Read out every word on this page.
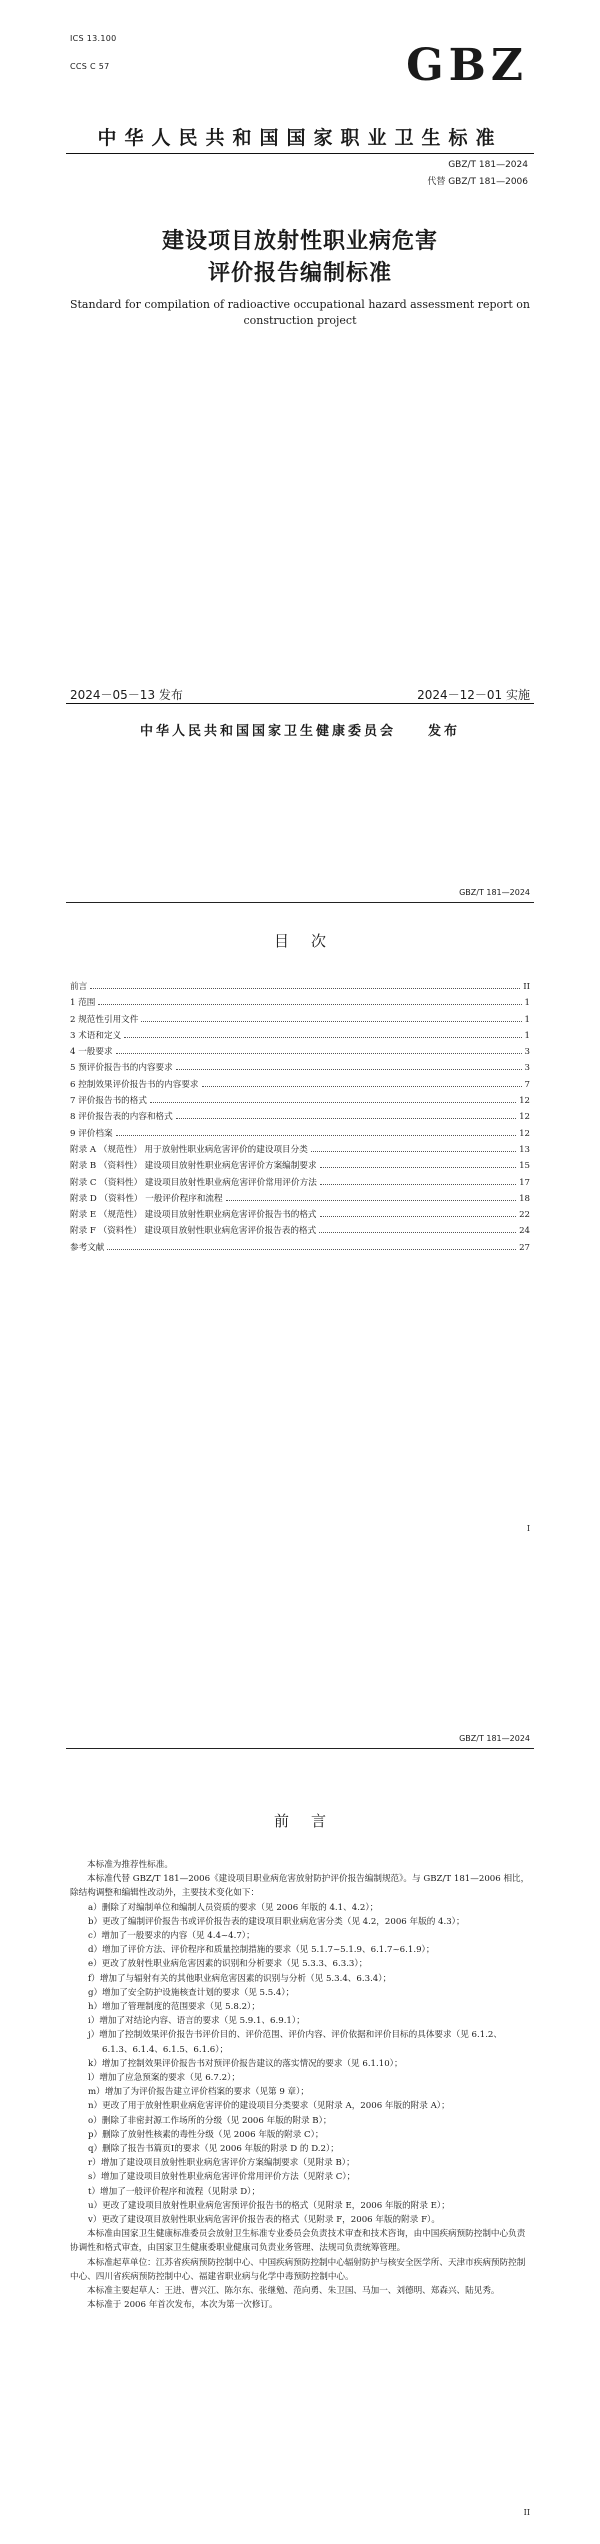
ICS 13.100
CCS C 57	GBZ
中华人民共和国国家职业卫生标准
GBZ/T 181—2024
代替 GBZ/T 181—2006
建设项目放射性职业病危害
评价报告编制标准
Standard for compilation of radioactive occupational hazard assessment report on construction project
2024－05－13 发布	2024－12－01 实施
中华人民共和国国家卫生健康委员会　　发布
GBZ/T 181—2024
目次
前言	II
1 范围	1
2 规范性引用文件	1
3 术语和定义	1
4 一般要求	3
5 预评价报告书的内容要求	3
6 控制效果评价报告书的内容要求	7
7 评价报告书的格式	12
8 评价报告表的内容和格式	12
9 评价档案	12
附录 A （规范性） 用于放射性职业病危害评价的建设项目分类	13
附录 B （资料性） 建设项目放射性职业病危害评价方案编制要求	15
附录 C （资料性） 建设项目放射性职业病危害评价常用评价方法	17
附录 D （资料性） 一般评价程序和流程	18
附录 E （规范性） 建设项目放射性职业病危害评价报告书的格式	22
附录 F （资料性） 建设项目放射性职业病危害评价报告表的格式	24
参考文献	27
I
GBZ/T 181—2024
前言

本标准为推荐性标准。

本标准代替 GBZ/T 181—2006《建设项目职业病危害放射防护评价报告编制规范》。与 GBZ/T 181—2006 相比，除结构调整和编辑性改动外，主要技术变化如下：

a）删除了对编制单位和编制人员资质的要求（见 2006 年版的 4.1、4.2）；

b）更改了编制评价报告书或评价报告表的建设项目职业病危害分类（见 4.2，2006 年版的 4.3）；

c）增加了一般要求的内容（见 4.4~4.7）；

d）增加了评价方法、评价程序和质量控制措施的要求（见 5.1.7~5.1.9、6.1.7~6.1.9）；

e）更改了放射性职业病危害因素的识别和分析要求（见 5.3.3、6.3.3）；

f）增加了与辐射有关的其他职业病危害因素的识别与分析（见 5.3.4、6.3.4）；

g）增加了安全防护设施核查计划的要求（见 5.5.4）；

h）增加了管理制度的范围要求（见 5.8.2）；

i）增加了对结论内容、语言的要求（见 5.9.1、6.9.1）；

j）增加了控制效果评价报告书评价目的、评价范围、评价内容、评价依据和评价目标的具体要求（见 6.1.2、6.1.3、6.1.4、6.1.5、6.1.6）；

k）增加了控制效果评价报告书对预评价报告建议的落实情况的要求（见 6.1.10）；

l）增加了应急预案的要求（见 6.7.2）；

m）增加了为评价报告建立评价档案的要求（见第 9 章）；

n）更改了用于放射性职业病危害评价的建设项目分类要求（见附录 A，2006 年版的附录 A）；

o）删除了非密封源工作场所的分级（见 2006 年版的附录 B）；

p）删除了放射性核素的毒性分级（见 2006 年版的附录 C）；

q）删除了报告书篇页Ⅰ的要求（见 2006 年版的附录 D 的 D.2）；

r）增加了建设项目放射性职业病危害评价方案编制要求（见附录 B）；

s）增加了建设项目放射性职业病危害评价常用评价方法（见附录 C）；

t）增加了一般评价程序和流程（见附录 D）；

u）更改了建设项目放射性职业病危害预评价报告书的格式（见附录 E，2006 年版的附录 E）；

v）更改了建设项目放射性职业病危害评价报告表的格式（见附录 F，2006 年版的附录 F）。

本标准由国家卫生健康标准委员会放射卫生标准专业委员会负责技术审查和技术咨询，由中国疾病预防控制中心负责协调性和格式审查，由国家卫生健康委职业健康司负责业务管理、法规司负责统筹管理。

本标准起草单位：江苏省疾病预防控制中心、中国疾病预防控制中心辐射防护与核安全医学所、天津市疾病预防控制中心、四川省疾病预防控制中心、福建省职业病与化学中毒预防控制中心。

本标准主要起草人：王进、曹兴江、陈尔东、张继勉、范向勇、朱卫国、马加一、刘德明、郑森兴、陆见秀。

本标准于 2006 年首次发布，本次为第一次修订。

II
